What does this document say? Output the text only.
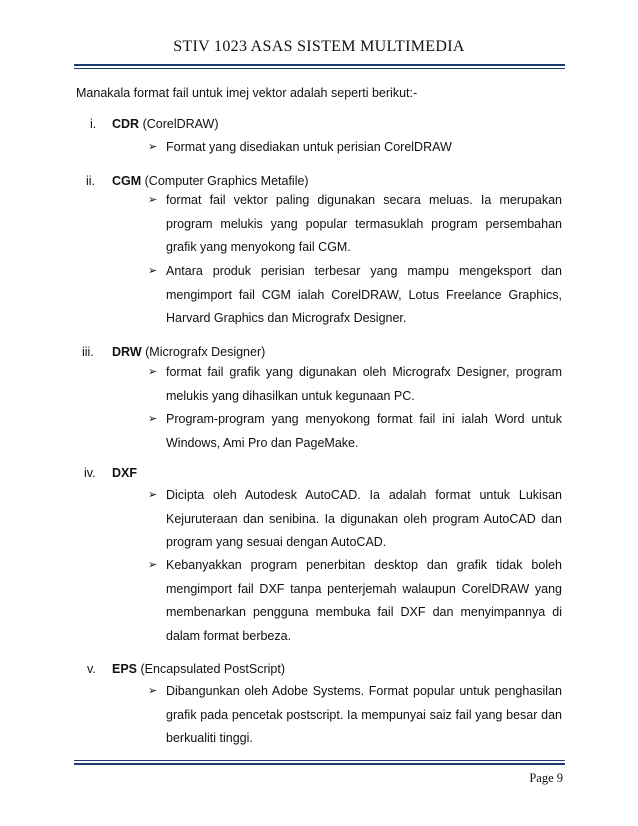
STIV 1023 ASAS SISTEM MULTIMEDIA
Manakala format fail untuk imej vektor adalah seperti berikut:-
i. CDR (CorelDRAW)
➢ Format yang disediakan untuk perisian CorelDRAW
ii. CGM (Computer Graphics Metafile)
➢ format fail vektor paling digunakan secara meluas. Ia merupakan program melukis yang popular termasuklah program persembahan grafik yang menyokong fail CGM.
➢ Antara produk perisian terbesar yang mampu mengeksport dan mengimport fail CGM ialah CorelDRAW, Lotus Freelance Graphics, Harvard Graphics dan Micrografx Designer.
iii. DRW (Micrografx Designer)
➢ format fail grafik yang digunakan oleh Micrografx Designer, program melukis yang dihasilkan untuk kegunaan PC.
➢ Program-program yang menyokong format fail ini ialah Word untuk Windows, Ami Pro dan PageMake.
iv. DXF
➢ Dicipta oleh Autodesk AutoCAD. Ia adalah format untuk Lukisan Kejuruteraan dan senibina. Ia digunakan oleh program AutoCAD dan program yang sesuai dengan AutoCAD.
➢ Kebanyakkan program penerbitan desktop dan grafik tidak boleh mengimport fail DXF tanpa penterjemah walaupun CorelDRAW yang membenarkan pengguna membuka fail DXF dan menyimpannya di dalam format berbeza.
v. EPS (Encapsulated PostScript)
➢ Dibangunkan oleh Adobe Systems. Format popular untuk penghasilan grafik pada pencetak postscript. Ia mempunyai saiz fail yang besar dan berkualiti tinggi.
Page 9
